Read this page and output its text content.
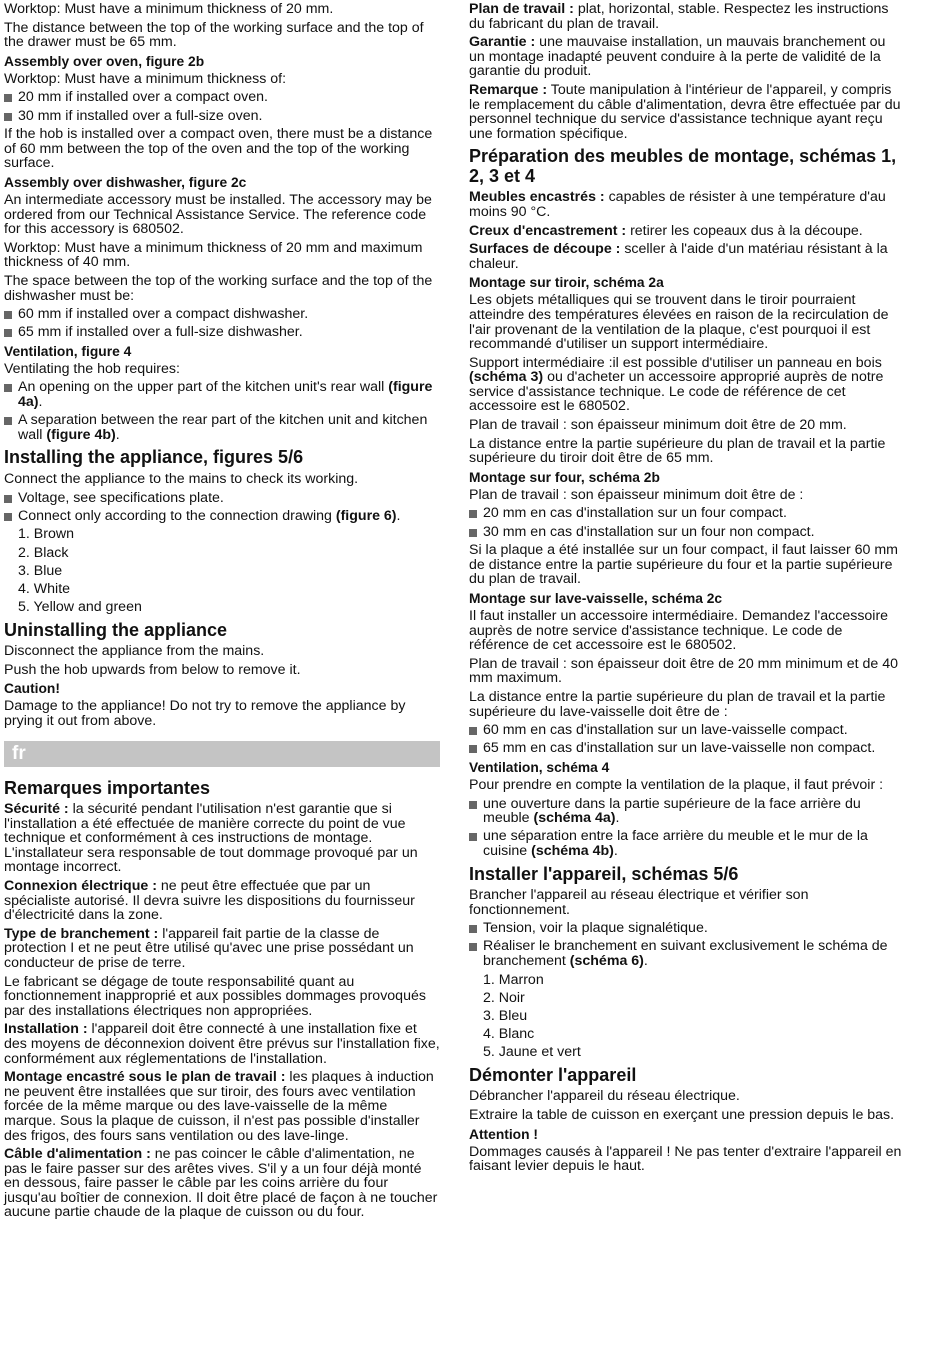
Worktop: Must have a minimum thickness of 20 mm.

The distance between the top of the working surface and the top of the drawer must be 65 mm.

Assembly over oven, figure 2b

Worktop: Must have a minimum thickness of:

20 mm if installed over a compact oven.
30 mm if installed over a full-size oven.

If the hob is installed over a compact oven, there must be a distance of 60 mm between the top of the oven and the top of the working surface.

Assembly over dishwasher, figure 2c

An intermediate accessory must be installed. The accessory may be ordered from our Technical Assistance Service. The reference code for this accessory is 680502.

Worktop: Must have a minimum thickness of 20 mm and maximum thickness of 40 mm.

The space between the top of the working surface and the top of the dishwasher must be:

60 mm if installed over a compact dishwasher.
65 mm if installed over a full-size dishwasher.
Ventilation, figure 4

Ventilating the hob requires:

An opening on the upper part of the kitchen unit's rear wall (figure 4a).
A separation between the rear part of the kitchen unit and kitchen wall (figure 4b).
Installing the appliance, figures 5/6

Connect the appliance to the mains to check its working.

Voltage, see specifications plate.
Connect only according to the connection drawing (figure 6).
1. Brown
2. Black
3. Blue
4. White
5. Yellow and green
Uninstalling the appliance

Disconnect the appliance from the mains.

Push the hob upwards from below to remove it.

Caution!

Damage to the appliance! Do not try to remove the appliance by prying it out from above.

fr
Remarques importantes

Sécurité : la sécurité pendant l'utilisation n'est garantie que si l'installation a été effectuée de manière correcte du point de vue technique et conformément à ces instructions de montage. L'installateur sera responsable de tout dommage provoqué par un montage incorrect.

Connexion électrique : ne peut être effectuée que par un spécialiste autorisé. Il devra suivre les dispositions du fournisseur d'électricité dans la zone.

Type de branchement : l'appareil fait partie de la classe de protection I et ne peut être utilisé qu'avec une prise possédant un conducteur de prise de terre.

Le fabricant se dégage de toute responsabilité quant au fonctionnement inapproprié et aux possibles dommages provoqués par des installations électriques non appropriées.

Installation : l'appareil doit être connecté à une installation fixe et des moyens de déconnexion doivent être prévus sur l'installation fixe, conformément aux réglementations de l'installation.

Montage encastré sous le plan de travail : les plaques à induction ne peuvent être installées que sur tiroir, des fours avec ventilation forcée de la même marque ou des lave-vaisselle de la même marque. Sous la plaque de cuisson, il n'est pas possible d'installer des frigos, des fours sans ventilation ou des lave-linge.

Câble d'alimentation : ne pas coincer le câble d'alimentation, ne pas le faire passer sur des arêtes vives. S'il y a un four déjà monté en dessous, faire passer le câble par les coins arrière du four jusqu'au boîtier de connexion. Il doit être placé de façon à ne toucher aucune partie chaude de la plaque de cuisson ou du four.

Plan de travail : plat, horizontal, stable. Respectez les instructions du fabricant du plan de travail.

Garantie : une mauvaise installation, un mauvais branchement ou un montage inadapté peuvent conduire à la perte de validité de la garantie du produit.

Remarque : Toute manipulation à l'intérieur de l'appareil, y compris le remplacement du câble d'alimentation, devra être effectuée par du personnel technique du service d'assistance technique ayant reçu une formation spécifique.

Préparation des meubles de montage, schémas 1, 2, 3 et 4

Meubles encastrés : capables de résister à une température d'au moins 90 °C.

Creux d'encastrement : retirer les copeaux dus à la découpe.

Surfaces de découpe : sceller à l'aide d'un matériau résistant à la chaleur.

Montage sur tiroir, schéma 2a

Les objets métalliques qui se trouvent dans le tiroir pourraient atteindre des températures élevées en raison de la recirculation de l'air provenant de la ventilation de la plaque, c'est pourquoi il est recommandé d'utiliser un support intermédiaire.

Support intermédiaire :il est possible d'utiliser un panneau en bois (schéma 3) ou d'acheter un accessoire approprié auprès de notre service d'assistance technique. Le code de référence de cet accessoire est le 680502.

Plan de travail : son épaisseur minimum doit être de 20 mm.

La distance entre la partie supérieure du plan de travail et la partie supérieure du tiroir doit être de 65 mm.

Montage sur four, schéma 2b

Plan de travail : son épaisseur minimum doit être de :

20 mm en cas d'installation sur un four compact.
30 mm en cas d'installation sur un four non compact.

Si la plaque a été installée sur un four compact, il faut laisser 60 mm de distance entre la partie supérieure du four et la partie supérieure du plan de travail.

Montage sur lave-vaisselle, schéma 2c

Il faut installer un accessoire intermédiaire. Demandez l'accessoire auprès de notre service d'assistance technique. Le code de référence de cet accessoire est le 680502.

Plan de travail : son épaisseur doit être de 20 mm minimum et de 40 mm maximum.

La distance entre la partie supérieure du plan de travail et la partie supérieure du lave-vaisselle doit être de :

60 mm en cas d'installation sur un lave-vaisselle compact.
65 mm en cas d'installation sur un lave-vaisselle non compact.
Ventilation, schéma 4

Pour prendre en compte la ventilation de la plaque, il faut prévoir :

une ouverture dans la partie supérieure de la face arrière du meuble (schéma 4a).
une séparation entre la face arrière du meuble et le mur de la cuisine (schéma 4b).
Installer l'appareil, schémas 5/6

Brancher l'appareil au réseau électrique et vérifier son fonctionnement.

Tension, voir la plaque signalétique.
Réaliser le branchement en suivant exclusivement le schéma de branchement (schéma 6).
1. Marron
2. Noir
3. Bleu
4. Blanc
5. Jaune et vert
Démonter l'appareil

Débrancher l'appareil du réseau électrique.

Extraire la table de cuisson en exerçant une pression depuis le bas.

Attention !

Dommages causés à l'appareil ! Ne pas tenter d'extraire l'appareil en faisant levier depuis le haut.
